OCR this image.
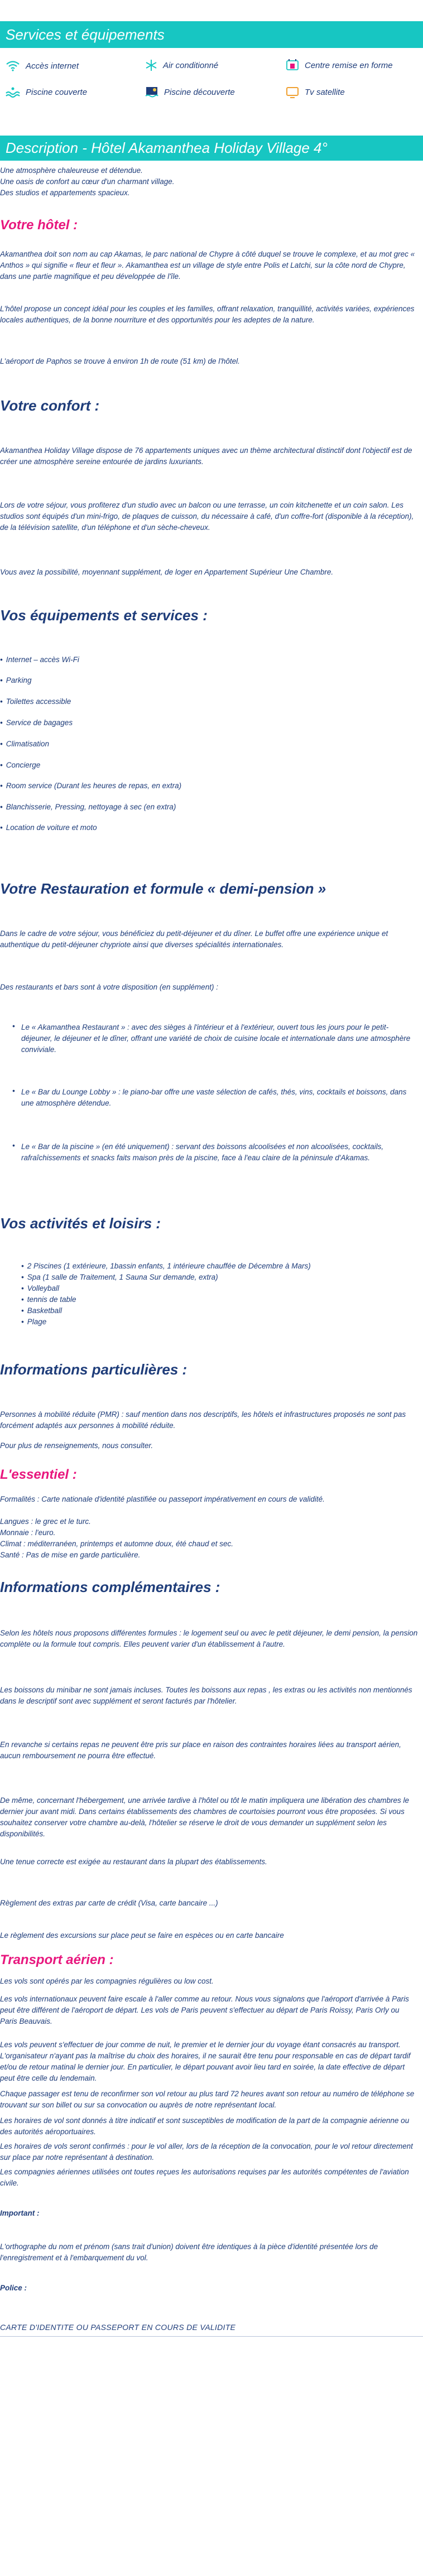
Services et équipements
Accès internet	Air conditionné	Centre remise en forme
Piscine couverte	Piscine découverte	Tv satellite
Description - Hôtel Akamanthea Holiday Village 4°
Une atmosphère chaleureuse et détendue.
Une oasis de confort au cœur d'un charmant village.
Des studios et appartements spacieux.
Votre hôtel :
Akamanthea doit son nom au cap Akamas, le parc national de Chypre à côté duquel se trouve le complexe, et au mot grec « Anthos » qui signifie « fleur et fleur ». Akamanthea est un village de style entre Polis et Latchi, sur la côte nord de Chypre, dans une partie magnifique et peu développée de l'île.
L'hôtel propose un concept idéal pour les couples et les familles, offrant relaxation, tranquillité, activités variées, expériences locales authentiques, de la bonne nourriture et des opportunités pour les adeptes de la nature.
L'aéroport de Paphos se trouve à environ 1h de route (51 km) de l'hôtel.
Votre confort :
Akamanthea Holiday Village dispose de 76 appartements uniques avec un thème architectural distinctif dont l'objectif est de créer une atmosphère sereine entourée de jardins luxuriants.
Lors de votre séjour, vous profiterez d'un studio avec un balcon ou une terrasse, un coin kitchenette et un coin salon. Les studios sont équipés d'un mini-frigo, de plaques de cuisson, du nécessaire à café, d'un coffre-fort (disponible à la réception), de la télévision satellite, d'un téléphone et d'un sèche-cheveux.
Vous avez la possibilité, moyennant supplément, de loger en Appartement Supérieur Une Chambre.
Vos équipements et services :
• Internet – accès Wi-Fi
• Parking
• Toilettes accessible
• Service de bagages
• Climatisation
• Concierge
• Room service (Durant les heures de repas, en extra)
• Blanchisserie, Pressing, nettoyage à sec (en extra)
• Location de voiture et moto
Votre Restauration et formule « demi-pension »
Dans le cadre de votre séjour, vous bénéficiez du petit-déjeuner et du dîner. Le buffet offre une expérience unique et authentique du petit-déjeuner chypriote ainsi que diverses spécialités internationales.
Des restaurants et bars sont à votre disposition (en supplément) :
Le « Akamanthea Restaurant » : avec des sièges à l'intérieur et à l'extérieur, ouvert tous les jours pour le petit-déjeuner, le déjeuner et le dîner, offrant une variété de choix de cuisine locale et internationale dans une atmosphère conviviale.
•
Le « Bar du Lounge Lobby » : le piano-bar offre une vaste sélection de cafés, thés, vins, cocktails et boissons, dans une atmosphère détendue.
•
Le « Bar de la piscine » (en été uniquement) : servant des boissons alcoolisées et non alcoolisées, cocktails, rafraîchissements et snacks faits maison près de la piscine, face à l'eau claire de la péninsule d'Akamas.
•
Vos activités et loisirs :
• 2 Piscines (1 extérieure, 1bassin enfants, 1 intérieure chauffée de Décembre à Mars)
• Spa (1 salle de Traitement, 1 Sauna Sur demande, extra)
• Volleyball
• tennis de table
• Basketball
• Plage
Informations particulières :
Personnes à mobilité réduite (PMR) : sauf mention dans nos descriptifs, les hôtels et infrastructures proposés ne sont pas forcément adaptés aux personnes à mobilité réduite.
Pour plus de renseignements, nous consulter.
L'essentiel :
Formalités : Carte nationale d'identité plastifiée ou passeport impérativement en cours de validité.
Langues : le grec et le turc.
Monnaie : l'euro.
Climat : méditerranéen, printemps et automne doux, été chaud et sec.
Santé : Pas de mise en garde particulière.
Informations complémentaires :
Selon les hôtels nous proposons différentes formules : le logement seul ou avec le petit déjeuner, le demi pension, la pension complète ou la formule tout compris. Elles peuvent varier d'un établissement à l'autre.
Les boissons du minibar ne sont jamais incluses. Toutes les boissons aux repas , les extras ou les activités non mentionnés dans le descriptif sont avec supplément et seront facturés par l'hôtelier.
En revanche si certains repas ne peuvent être pris sur place en raison des contraintes horaires liées au transport aérien, aucun remboursement ne pourra être effectué.
De même, concernant l'hébergement, une arrivée tardive à l'hôtel ou tôt le matin impliquera une libération des chambres le dernier jour avant midi. Dans certains établissements des chambres de courtoisies pourront vous être proposées. Si vous souhaitez conserver votre chambre au-delà, l'hôtelier se réserve le droit de vous demander un supplément selon les disponibilités.
Une tenue correcte est exigée au restaurant dans la plupart des établissements.
Règlement des extras par carte de crédit (Visa, carte bancaire ...)
Le règlement des excursions sur place peut se faire en espèces ou en carte bancaire
Transport aérien :
Les vols sont opérés par les compagnies régulières ou low cost.
Les vols internationaux peuvent faire escale à l'aller comme au retour. Nous vous signalons que l'aéroport d'arrivée à Paris peut être différent de l'aéroport de départ. Les vols de Paris peuvent s'effectuer au départ de Paris Roissy, Paris Orly ou Paris Beauvais.
Les vols peuvent s'effectuer de jour comme de nuit, le premier et le dernier jour du voyage étant consacrés au transport. L'organisateur n'ayant pas la maîtrise du choix des horaires, il ne saurait être tenu pour responsable en cas de départ tardif et/ou de retour matinal le dernier jour. En particulier, le départ pouvant avoir lieu tard en soirée, la date effective de départ peut être celle du lendemain.
Chaque passager est tenu de reconfirmer son vol retour au plus tard 72 heures avant son retour au numéro de téléphone se trouvant sur son billet ou sur sa convocation ou auprès de notre représentant local.
Les horaires de vol sont donnés à titre indicatif et sont susceptibles de modification de la part de la compagnie aérienne ou des autorités aéroportuaires.
Les horaires de vols seront confirmés : pour le vol aller, lors de la réception de la convocation, pour le vol retour directement sur place par notre représentant à destination.
Les compagnies aériennes utilisées ont toutes reçues les autorisations requises par les autorités compétentes de l'aviation civile.
Important :
L'orthographe du nom et prénom (sans trait d'union) doivent être identiques à la pièce d'identité présentée lors de l'enregistrement et à l'embarquement du vol.
Police :
CARTE D'IDENTITE OU PASSEPORT EN COURS DE VALIDITE
